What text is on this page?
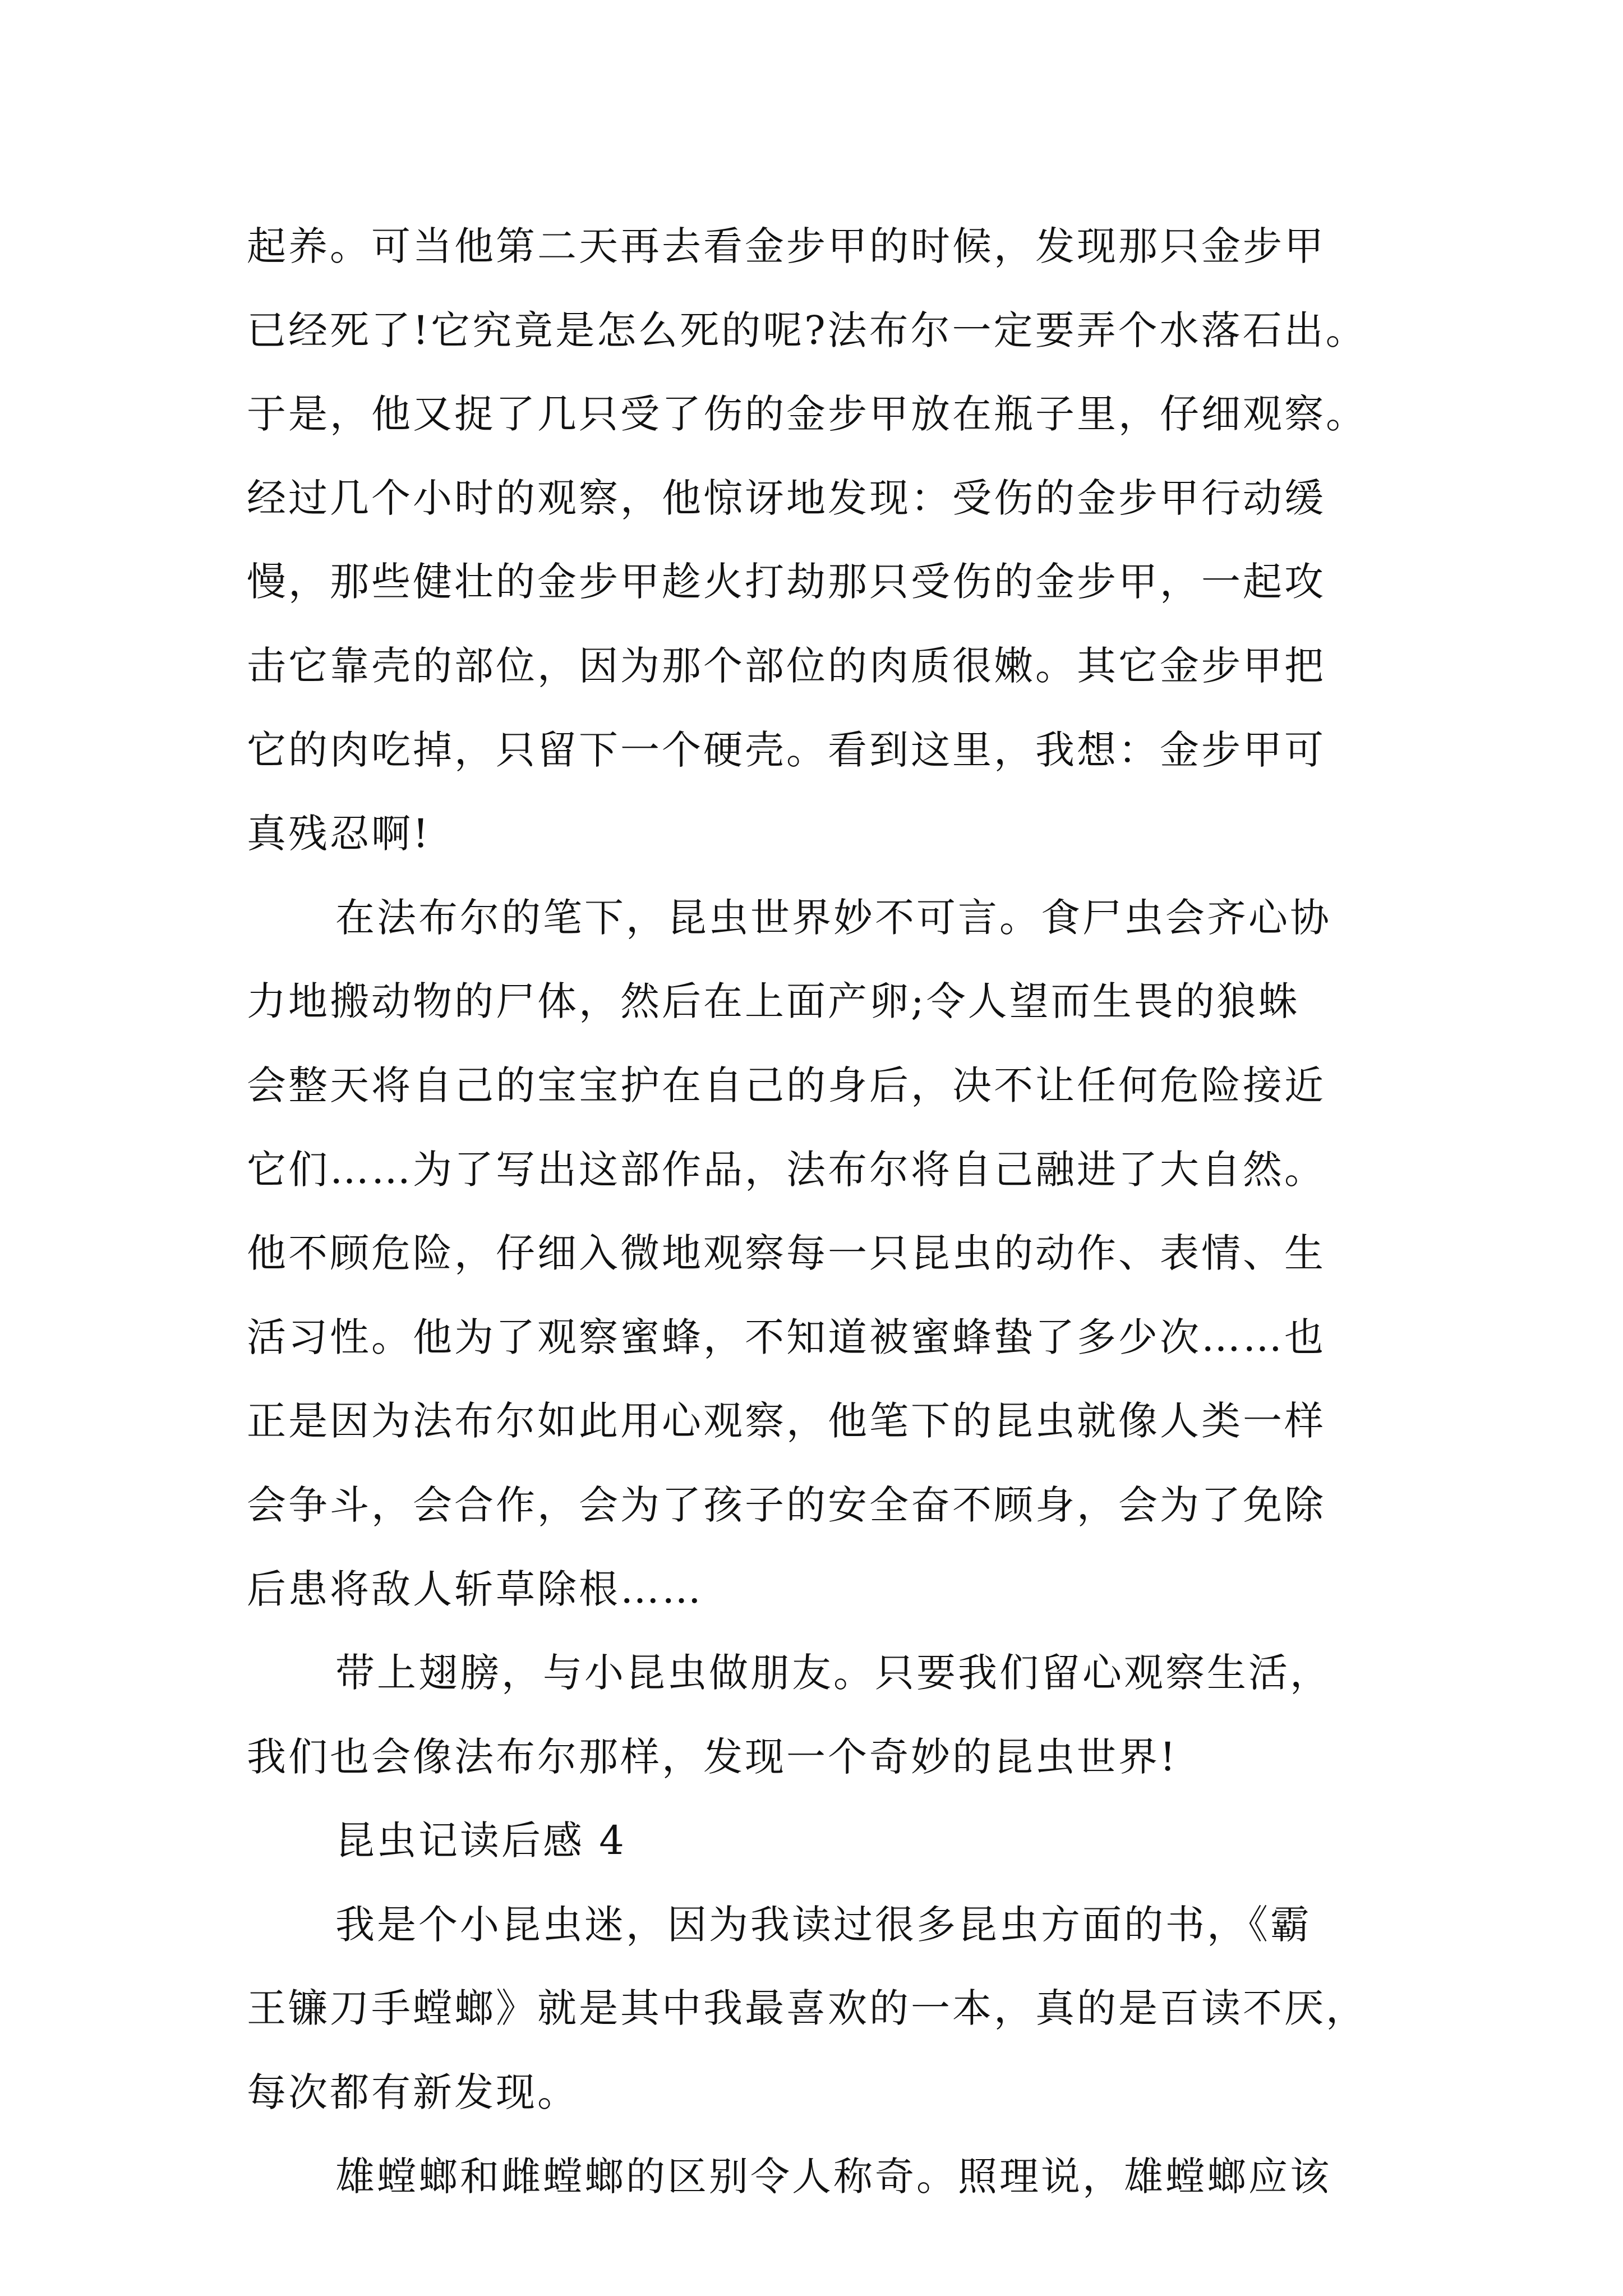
起养。可当他第二天再去看金步甲的时候，发现那只金步甲
已经死了!它究竟是怎么死的呢?法布尔一定要弄个水落石出。
于是，他又捉了几只受了伤的金步甲放在瓶子里，仔细观察。
经过几个小时的观察，他惊讶地发现：受伤的金步甲行动缓
慢，那些健壮的金步甲趁火打劫那只受伤的金步甲，一起攻
击它靠壳的部位，因为那个部位的肉质很嫩。其它金步甲把
它的肉吃掉，只留下一个硬壳。看到这里，我想：金步甲可
真残忍啊!
在法布尔的笔下，昆虫世界妙不可言。食尸虫会齐心协
力地搬动物的尸体，然后在上面产卵;令人望而生畏的狼蛛
会整天将自己的宝宝护在自己的身后，决不让任何危险接近
它们……为了写出这部作品，法布尔将自己融进了大自然。
他不顾危险，仔细入微地观察每一只昆虫的动作、表情、生
活习性。他为了观察蜜蜂，不知道被蜜蜂蛰了多少次……也
正是因为法布尔如此用心观察，他笔下的昆虫就像人类一样
会争斗，会合作，会为了孩子的安全奋不顾身，会为了免除
后患将敌人斩草除根……
带上翅膀，与小昆虫做朋友。只要我们留心观察生活，
我们也会像法布尔那样，发现一个奇妙的昆虫世界!
昆虫记读后感 4
我是个小昆虫迷，因为我读过很多昆虫方面的书，《霸
王镰刀手螳螂》就是其中我最喜欢的一本，真的是百读不厌，
每次都有新发现。
雄螳螂和雌螳螂的区别令人称奇。照理说，雄螳螂应该
